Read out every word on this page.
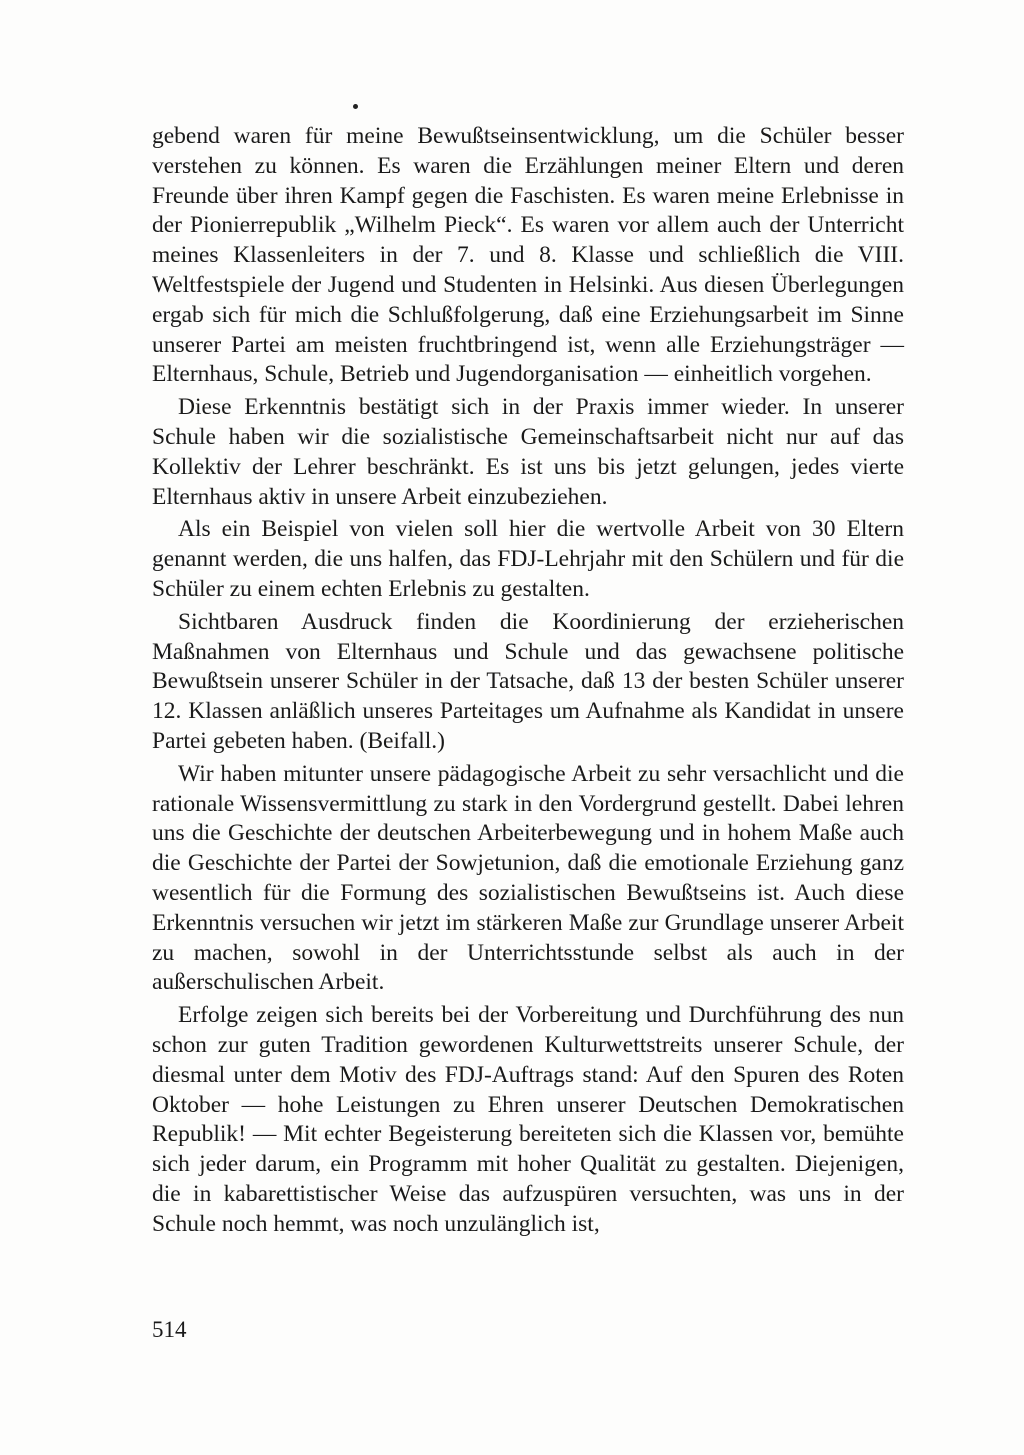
gebend waren für meine Bewußtseinsentwicklung, um die Schüler besser verstehen zu können. Es waren die Erzählungen meiner Eltern und deren Freunde über ihren Kampf gegen die Faschisten. Es waren meine Erlebnisse in der Pionierrepublik „Wilhelm Pieck“. Es waren vor allem auch der Unterricht meines Klassenleiters in der 7. und 8. Klasse und schließlich die VIII. Weltfestspiele der Jugend und Studenten in Helsinki. Aus diesen Überlegungen ergab sich für mich die Schlußfolgerung, daß eine Erziehungsarbeit im Sinne unserer Partei am meisten fruchtbringend ist, wenn alle Erziehungsträger — Elternhaus, Schule, Betrieb und Jugendorganisation — einheitlich vorgehen.

Diese Erkenntnis bestätigt sich in der Praxis immer wieder. In unserer Schule haben wir die sozialistische Gemeinschaftsarbeit nicht nur auf das Kollektiv der Lehrer beschränkt. Es ist uns bis jetzt gelungen, jedes vierte Elternhaus aktiv in unsere Arbeit einzubeziehen.

Als ein Beispiel von vielen soll hier die wertvolle Arbeit von 30 Eltern genannt werden, die uns halfen, das FDJ-Lehrjahr mit den Schülern und für die Schüler zu einem echten Erlebnis zu gestalten.

Sichtbaren Ausdruck finden die Koordinierung der erzieherischen Maßnahmen von Elternhaus und Schule und das gewachsene politische Bewußtsein unserer Schüler in der Tatsache, daß 13 der besten Schüler unserer 12. Klassen anläßlich unseres Parteitages um Aufnahme als Kandidat in unsere Partei gebeten haben. (Beifall.)

Wir haben mitunter unsere pädagogische Arbeit zu sehr versachlicht und die rationale Wissensvermittlung zu stark in den Vordergrund gestellt. Dabei lehren uns die Geschichte der deutschen Arbeiterbewegung und in hohem Maße auch die Geschichte der Partei der Sowjetunion, daß die emotionale Erziehung ganz wesentlich für die Formung des sozialistischen Bewußtseins ist. Auch diese Erkenntnis versuchen wir jetzt im stärkeren Maße zur Grundlage unserer Arbeit zu machen, sowohl in der Unterrichtsstunde selbst als auch in der außerschulischen Arbeit.

Erfolge zeigen sich bereits bei der Vorbereitung und Durchführung des nun schon zur guten Tradition gewordenen Kulturwettstreits unserer Schule, der diesmal unter dem Motiv des FDJ-Auftrags stand: Auf den Spuren des Roten Oktober — hohe Leistungen zu Ehren unserer Deutschen Demokratischen Republik! — Mit echter Begeisterung bereiteten sich die Klassen vor, bemühte sich jeder darum, ein Programm mit hoher Qualität zu gestalten. Diejenigen, die in kabarettistischer Weise das aufzuspüren versuchten, was uns in der Schule noch hemmt, was noch unzulänglich ist,

514
